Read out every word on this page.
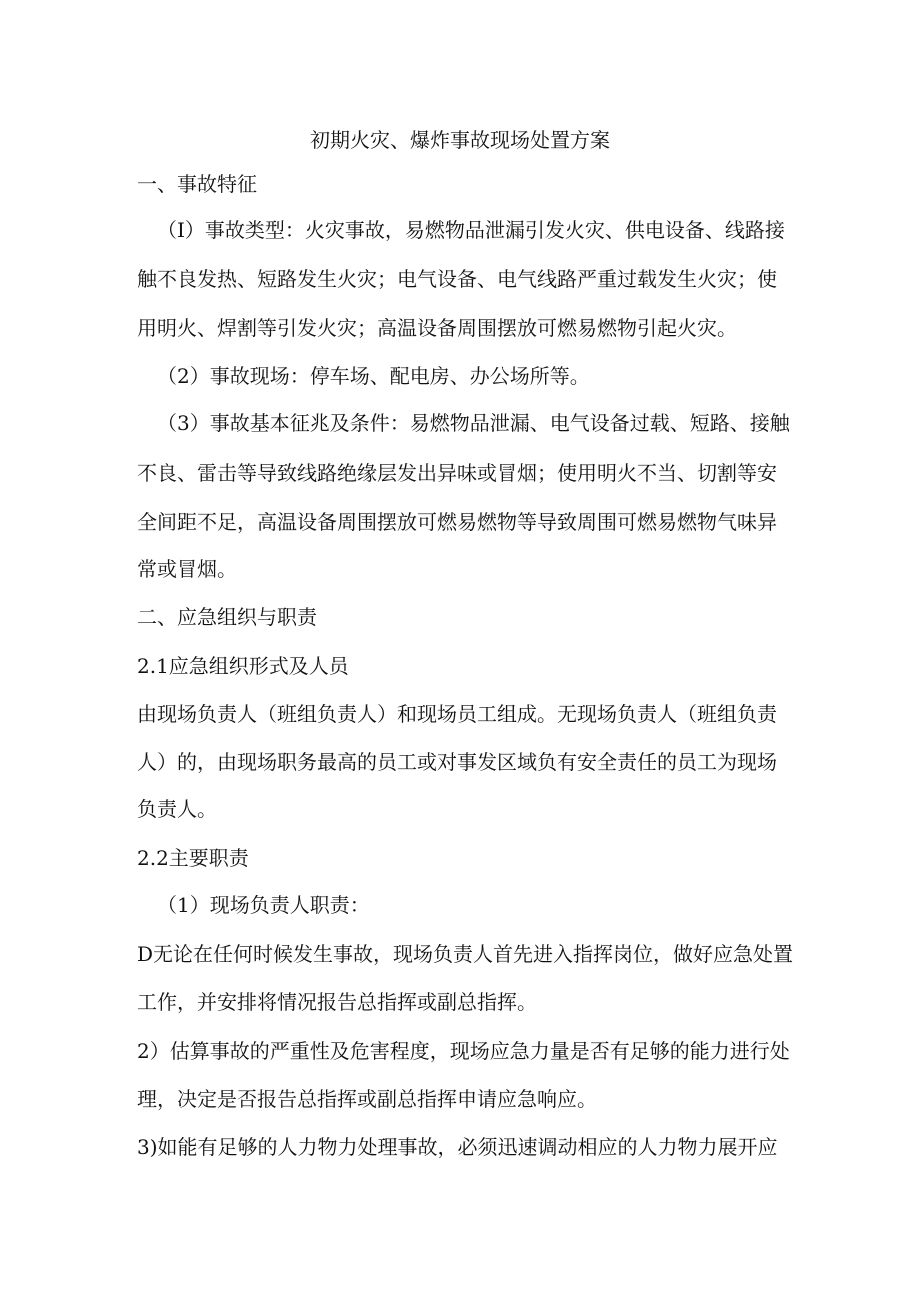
初期火灾、爆炸事故现场处置方案
一、事故特征
（I）事故类型：火灾事故，易燃物品泄漏引发火灾、供电设备、线路接
触不良发热、短路发生火灾；电气设备、电气线路严重过载发生火灾；使
用明火、焊割等引发火灾；高温设备周围摆放可燃易燃物引起火灾。
（2）事故现场：停车场、配电房、办公场所等。
（3）事故基本征兆及条件：易燃物品泄漏、电气设备过载、短路、接触
不良、雷击等导致线路绝缘层发出异味或冒烟；使用明火不当、切割等安
全间距不足，高温设备周围摆放可燃易燃物等导致周围可燃易燃物气味异
常或冒烟。
二、应急组织与职责
2.1应急组织形式及人员
由现场负责人（班组负责人）和现场员工组成。无现场负责人（班组负责
人）的，由现场职务最高的员工或对事发区域负有安全责任的员工为现场
负责人。
2.2主要职责
（1）现场负责人职责：
D无论在任何时候发生事故，现场负责人首先进入指挥岗位，做好应急处置
工作，并安排将情况报告总指挥或副总指挥。
2）估算事故的严重性及危害程度，现场应急力量是否有足够的能力进行处
理，决定是否报告总指挥或副总指挥申请应急响应。
3)如能有足够的人力物力处理事故，必须迅速调动相应的人力物力展开应
